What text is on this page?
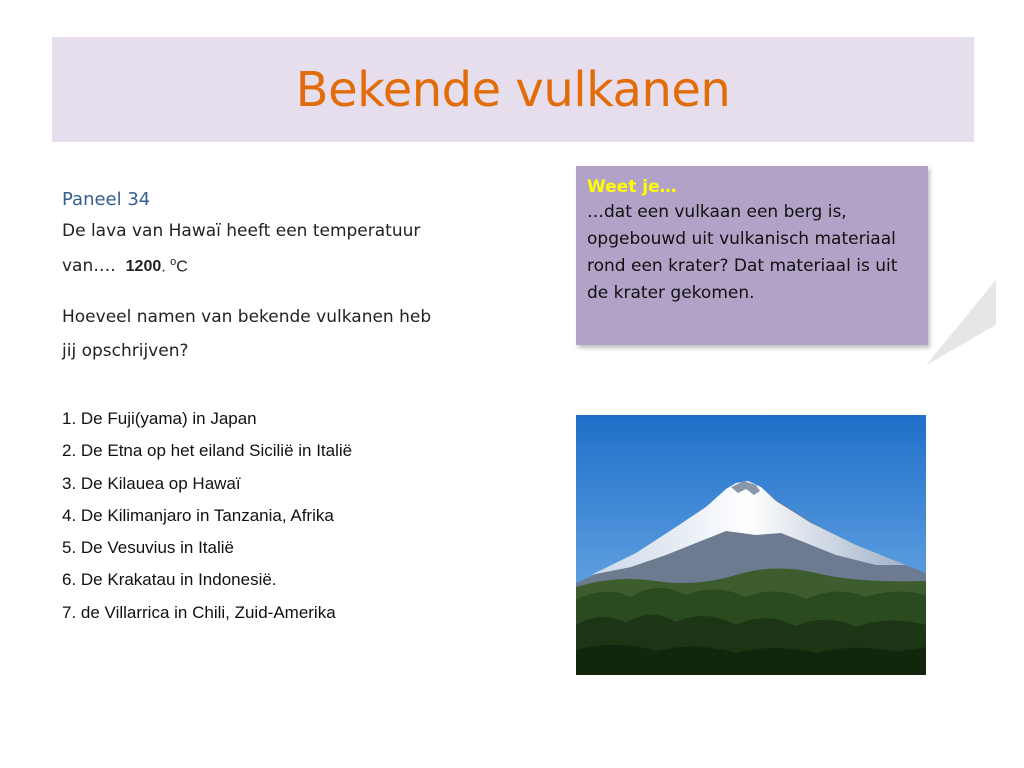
Bekende vulkanen
Paneel 34
De lava van Hawaï heeft een temperatuur
van…. 1200 . $^o$C
Hoeveel namen van bekende vulkanen heb
jij opschrijven?
1. De Fuji(yama) in Japan
2. De Etna op het eiland Sicilië in Italië
3. De Kilauea op Hawaï
4. De Kilimanjaro in Tanzania, Afrika
5. De Vesuvius in Italië
6. De Krakatau in Indonesië.
7. de Villarrica in Chili, Zuid-Amerika
Weet je…
…dat een vulkaan een berg is, opgebouwd uit vulkanisch materiaal rond een krater? Dat materiaal is uit de krater gekomen.
